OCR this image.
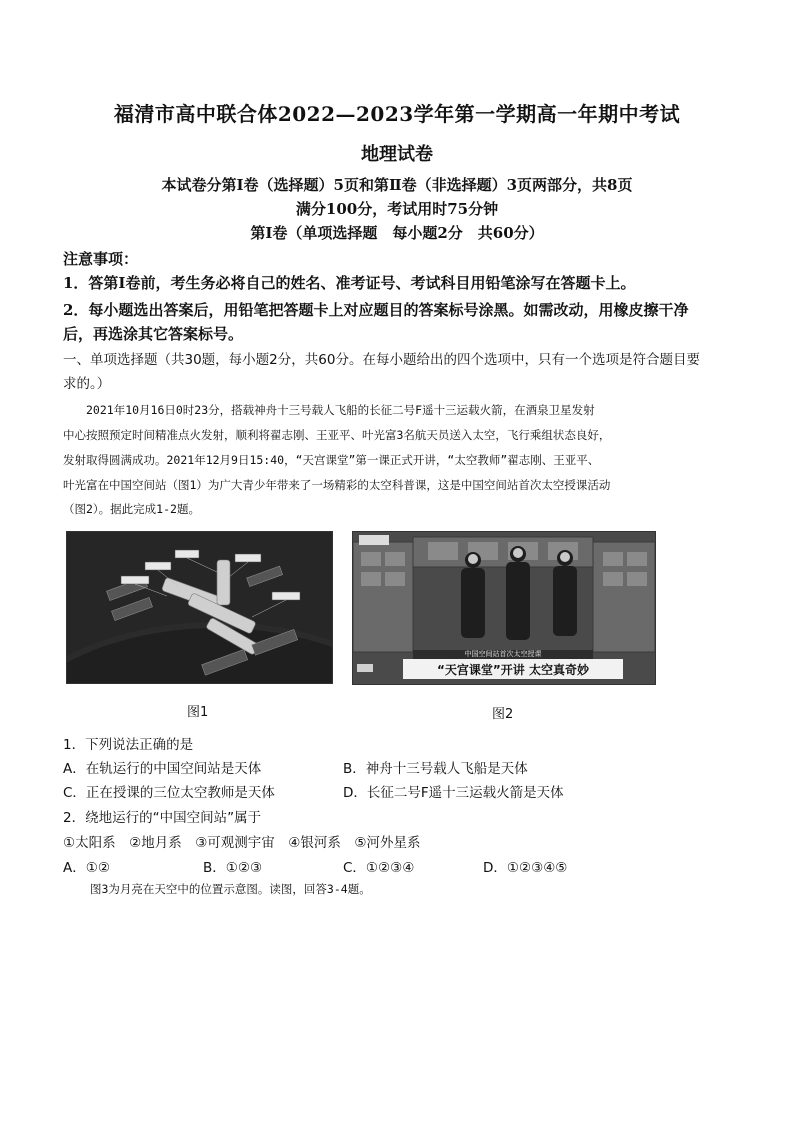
福清市高中联合体2022—2023学年第一学期高一年期中考试
地理试卷
本试卷分第Ⅰ卷（选择题）5页和第Ⅱ卷（非选择题）3页两部分，共8页
满分100分，考试用时75分钟
第Ⅰ卷（单项选择题　每小题2分　共60分）
注意事项：
1．答第Ⅰ卷前，考生务必将自己的姓名、准考证号、考试科目用铅笔涂写在答题卡上。
2．每小题选出答案后，用铅笔把答题卡上对应题目的答案标号涂黑。如需改动，用橡皮擦干净
后，再选涂其它答案标号。
一、单项选择题（共30题，每小题2分，共60分。在每小题给出的四个选项中，只有一个选项是符合题目要
求的。）
　　2021年10月16日0时23分，搭载神舟十三号载人飞船的长征二号F遥十三运载火箭，在酒泉卫星发射
中心按照预定时间精准点火发射，顺利将翟志刚、王亚平、叶光富3名航天员送入太空，飞行乘组状态良好，
发射取得圆满成功。2021年12月9日15:40，“天宫课堂”第一课正式开讲，“太空教师”翟志刚、王亚平、
叶光富在中国空间站（图1）为广大青少年带来了一场精彩的太空科普课，这是中国空间站首次太空授课活动
（图2）。据此完成1-2题。
图1
中国空间站首次太空授课
“天宫课堂”开讲 太空真奇妙
图2
1．下列说法正确的是
A．在轨运行的中国空间站是天体	B．神舟十三号载人飞船是天体
C．正在授课的三位太空教师是天体	D．长征二号F遥十三运载火箭是天体
2．绕地运行的“中国空间站”属于
①太阳系　②地月系　③可观测宇宙　④银河系　⑤河外星系
A．①②	B．①②③	C．①②③④	D．①②③④⑤
图3为月亮在天空中的位置示意图。读图，回答3-4题。
